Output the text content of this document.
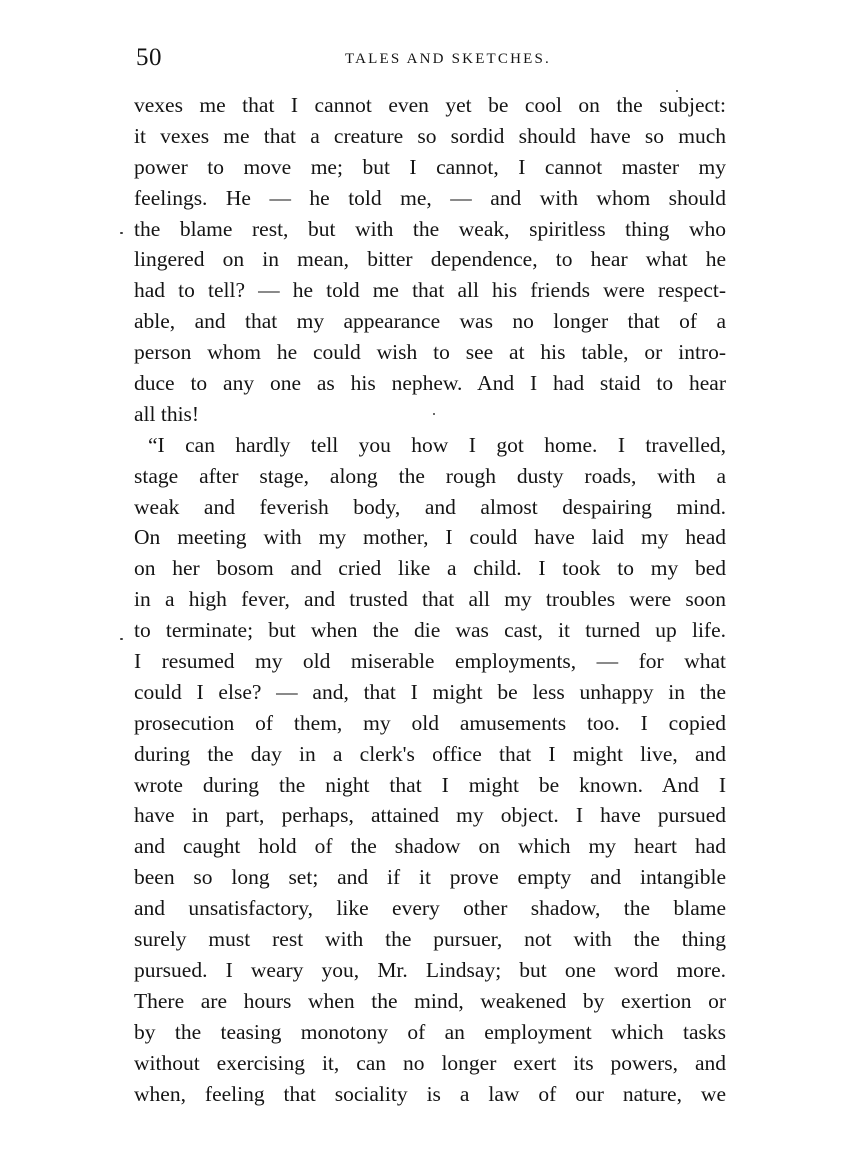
50	TALES AND SKETCHES.
vexes me that I cannot even yet be cool on the subject:
it vexes me that a creature so sordid should have so much
power to move me; but I cannot, I cannot master my
feelings. He — he told me, — and with whom should
the blame rest, but with the weak, spiritless thing who
lingered on in mean, bitter dependence, to hear what he
had to tell? — he told me that all his friends were respect-
able, and that my appearance was no longer that of a
person whom he could wish to see at his table, or intro-
duce to any one as his nephew. And I had staid to hear
all this!
“I can hardly tell you how I got home. I travelled,
stage after stage, along the rough dusty roads, with a
weak and feverish body, and almost despairing mind.
On meeting with my mother, I could have laid my head
on her bosom and cried like a child. I took to my bed
in a high fever, and trusted that all my troubles were soon
to terminate; but when the die was cast, it turned up life.
I resumed my old miserable employments, — for what
could I else? — and, that I might be less unhappy in the
prosecution of them, my old amusements too. I copied
during the day in a clerk's office that I might live, and
wrote during the night that I might be known. And I
have in part, perhaps, attained my object. I have pursued
and caught hold of the shadow on which my heart had
been so long set; and if it prove empty and intangible
and unsatisfactory, like every other shadow, the blame
surely must rest with the pursuer, not with the thing
pursued. I weary you, Mr. Lindsay; but one word more.
There are hours when the mind, weakened by exertion or
by the teasing monotony of an employment which tasks
without exercising it, can no longer exert its powers, and
when, feeling that sociality is a law of our nature, we
